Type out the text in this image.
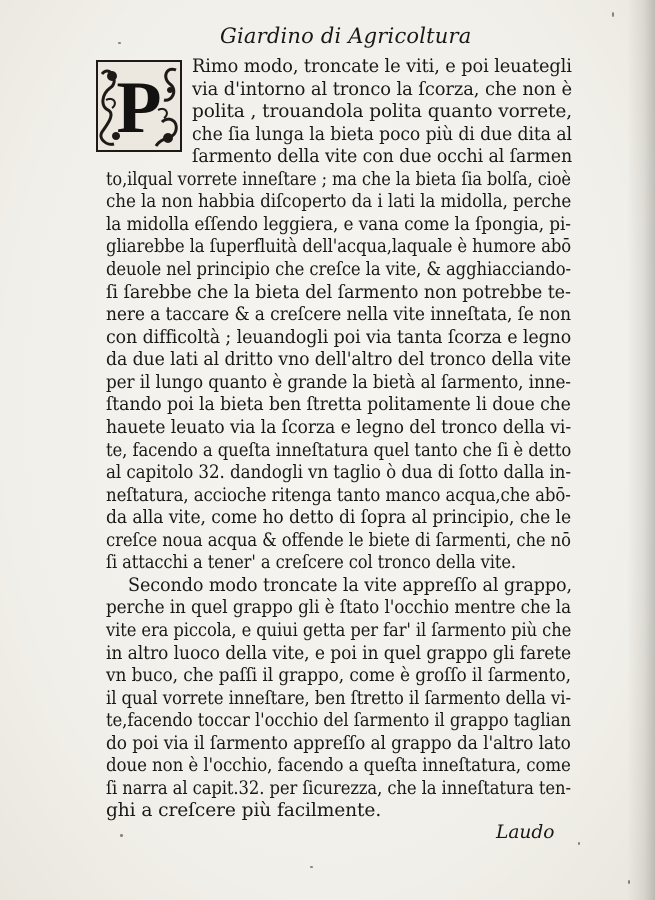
Giardino di Agricoltura
P
Rimo modo, troncate le viti, e poi leuategli
via d'intorno al tronco la ſcorza, che non è
polita , trouandola polita quanto vorrete,
che ſia lunga la bieta poco più di due dita al
ſarmento della vite con due occhi al ſarmen
to,ilqual vorrete inneſtare ; ma che la bieta ſia bolſa, cioè
che la non habbia diſcoperto da i lati la midolla, perche
la midolla eſſendo leggiera, e vana come la ſpongia, pi-
gliarebbe la ſuperfluità dell'acqua,laquale è humore abō
deuole nel principio che creſce la vite, & agghiacciando-
ſi ſarebbe che la bieta del ſarmento non potrebbe te-
nere a taccare & a creſcere nella vite inneſtata, ſe non
con difficoltà ; leuandogli poi via tanta ſcorza e legno
da due lati al dritto vno dell'altro del tronco della vite
per il lungo quanto è grande la bietà al ſarmento, inne-
ſtando poi la bieta ben ſtretta politamente li doue che
hauete leuato via la ſcorza e legno del tronco della vi-
te, facendo a queſta inneſtatura quel tanto che ſi è detto
al capitolo 32. dandogli vn taglio ò dua di ſotto dalla in-
neſtatura, accioche ritenga tanto manco acqua,che abō-
da alla vite, come ho detto di ſopra al principio, che le
creſce noua acqua & offende le biete di ſarmenti, che nō
ſi attacchi a tener' a creſcere col tronco della vite.
Secondo modo troncate la vite appreſſo al grappo,
perche in quel grappo gli è ſtato l'occhio mentre che la
vite era piccola, e quiui getta per far' il ſarmento più che
in altro luoco della vite, e poi in quel grappo gli farete
vn buco, che paſſi il grappo, come è groſſo il ſarmento,
il qual vorrete inneſtare, ben ſtretto il ſarmento della vi-
te,facendo toccar l'occhio del ſarmento il grappo taglian
do poi via il ſarmento appreſſo al grappo da l'altro lato
doue non è l'occhio, facendo a queſta inneſtatura, come
ſi narra al capit.32. per ſicurezza, che la inneſtatura ten-
ghi a creſcere più facilmente.
Laudo
